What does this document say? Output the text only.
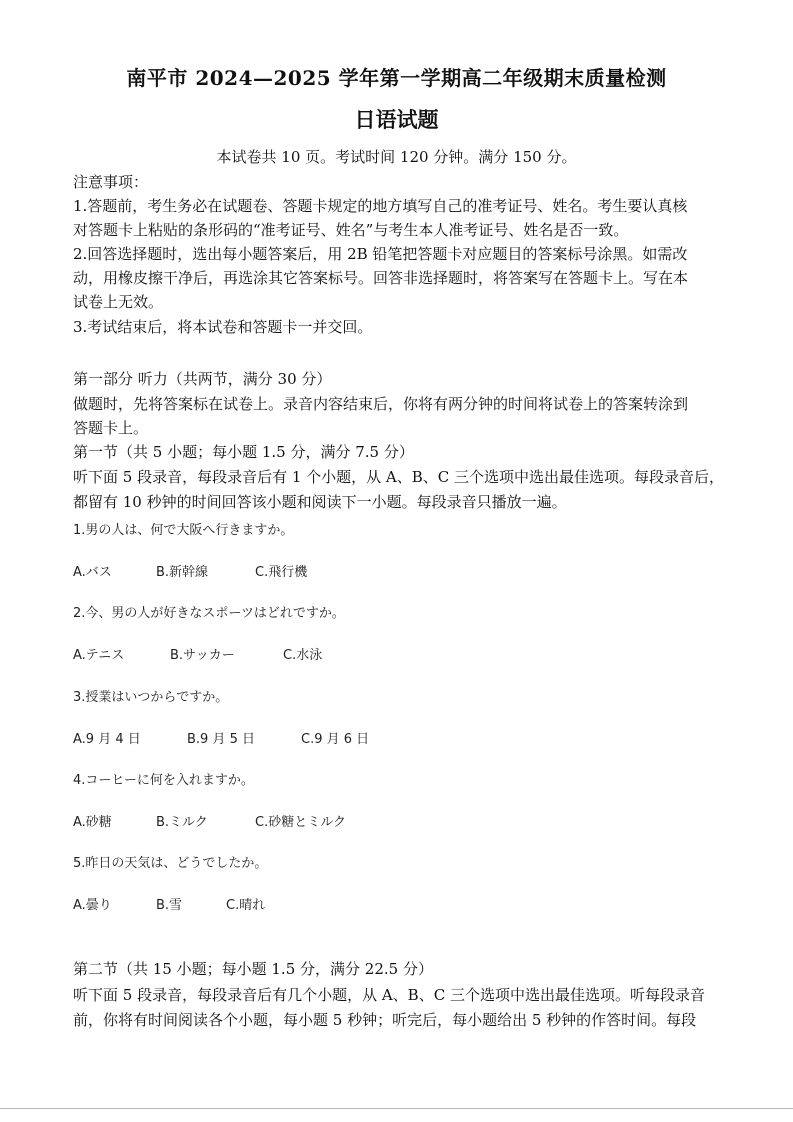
南平市 2024—2025 学年第一学期高二年级期末质量检测
日语试题
本试卷共 10 页。考试时间 120 分钟。满分 150 分。
注意事项：
1.答题前，考生务必在试题卷、答题卡规定的地方填写自己的准考证号、姓名。考生要认真核
对答题卡上粘贴的条形码的“准考证号、姓名”与考生本人准考证号、姓名是否一致。
2.回答选择题时，选出每小题答案后，用 2B 铅笔把答题卡对应题目的答案标号涂黑。如需改
动，用橡皮擦干净后，再选涂其它答案标号。回答非选择题时，将答案写在答题卡上。写在本
试卷上无效。
3.考试结束后，将本试卷和答题卡一并交回。
第一部分 听力（共两节，满分 30 分）
做题时，先将答案标在试卷上。录音内容结束后，你将有两分钟的时间将试卷上的答案转涂到
答题卡上。
第一节（共 5 小题；每小题 1.5 分，满分 7.5 分）
听下面 5 段录音，每段录音后有 1 个小题，从 A、B、C 三个选项中选出最佳选项。每段录音后，
都留有 10 秒钟的时间回答该小题和阅读下一小题。每段录音只播放一遍。
1.男の人は、何で大阪へ行きますか。
A.バス	B.新幹線	C.飛行機
2.今、男の人が好きなスポーツはどれですか。
A.テニス	B.サッカー	C.水泳
3.授業はいつからですか。
A.9 月 4 日	B.9 月 5 日	C.9 月 6 日
4.コーヒーに何を入れますか。
A.砂糖	B.ミルク	C.砂糖とミルク
5.昨日の天気は、どうでしたか。
A.曇り	B.雪	C.晴れ
第二节（共 15 小题；每小题 1.5 分，满分 22.5 分）
听下面 5 段录音，每段录音后有几个小题，从 A、B、C 三个选项中选出最佳选项。听每段录音
前，你将有时间阅读各个小题，每小题 5 秒钟；听完后，每小题给出 5 秒钟的作答时间。每段
